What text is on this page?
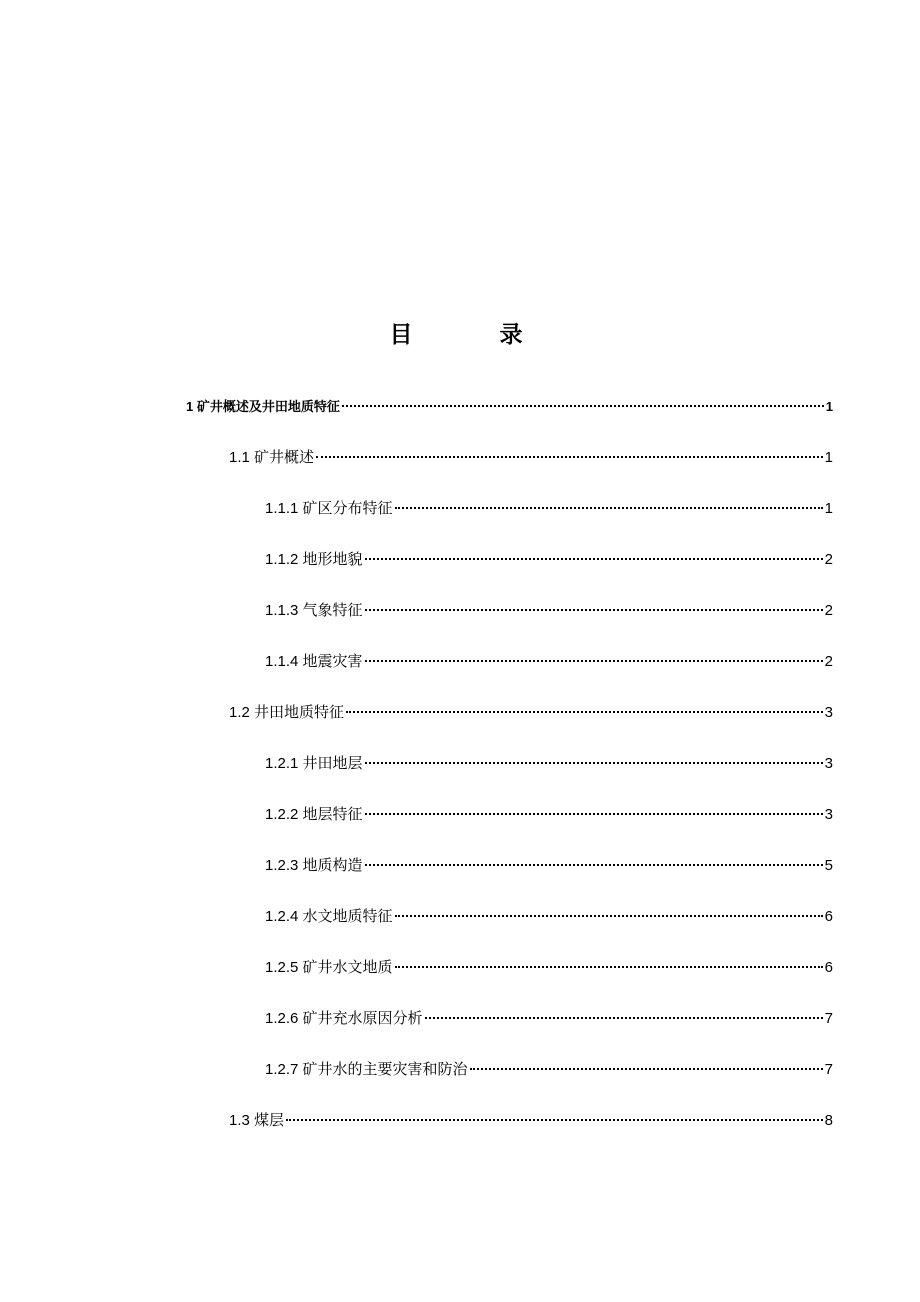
目　录
1 矿井概述及井田地质特征	1
1.1 矿井概述	1
1.1.1 矿区分布特征	1
1.1.2 地形地貌	2
1.1.3 气象特征	2
1.1.4 地震灾害	2
1.2 井田地质特征	3
1.2.1 井田地层	3
1.2.2 地层特征	3
1.2.3 地质构造	5
1.2.4 水文地质特征	6
1.2.5 矿井水文地质	6
1.2.6 矿井充水原因分析	7
1.2.7 矿井水的主要灾害和防治	7
1.3 煤层	8
